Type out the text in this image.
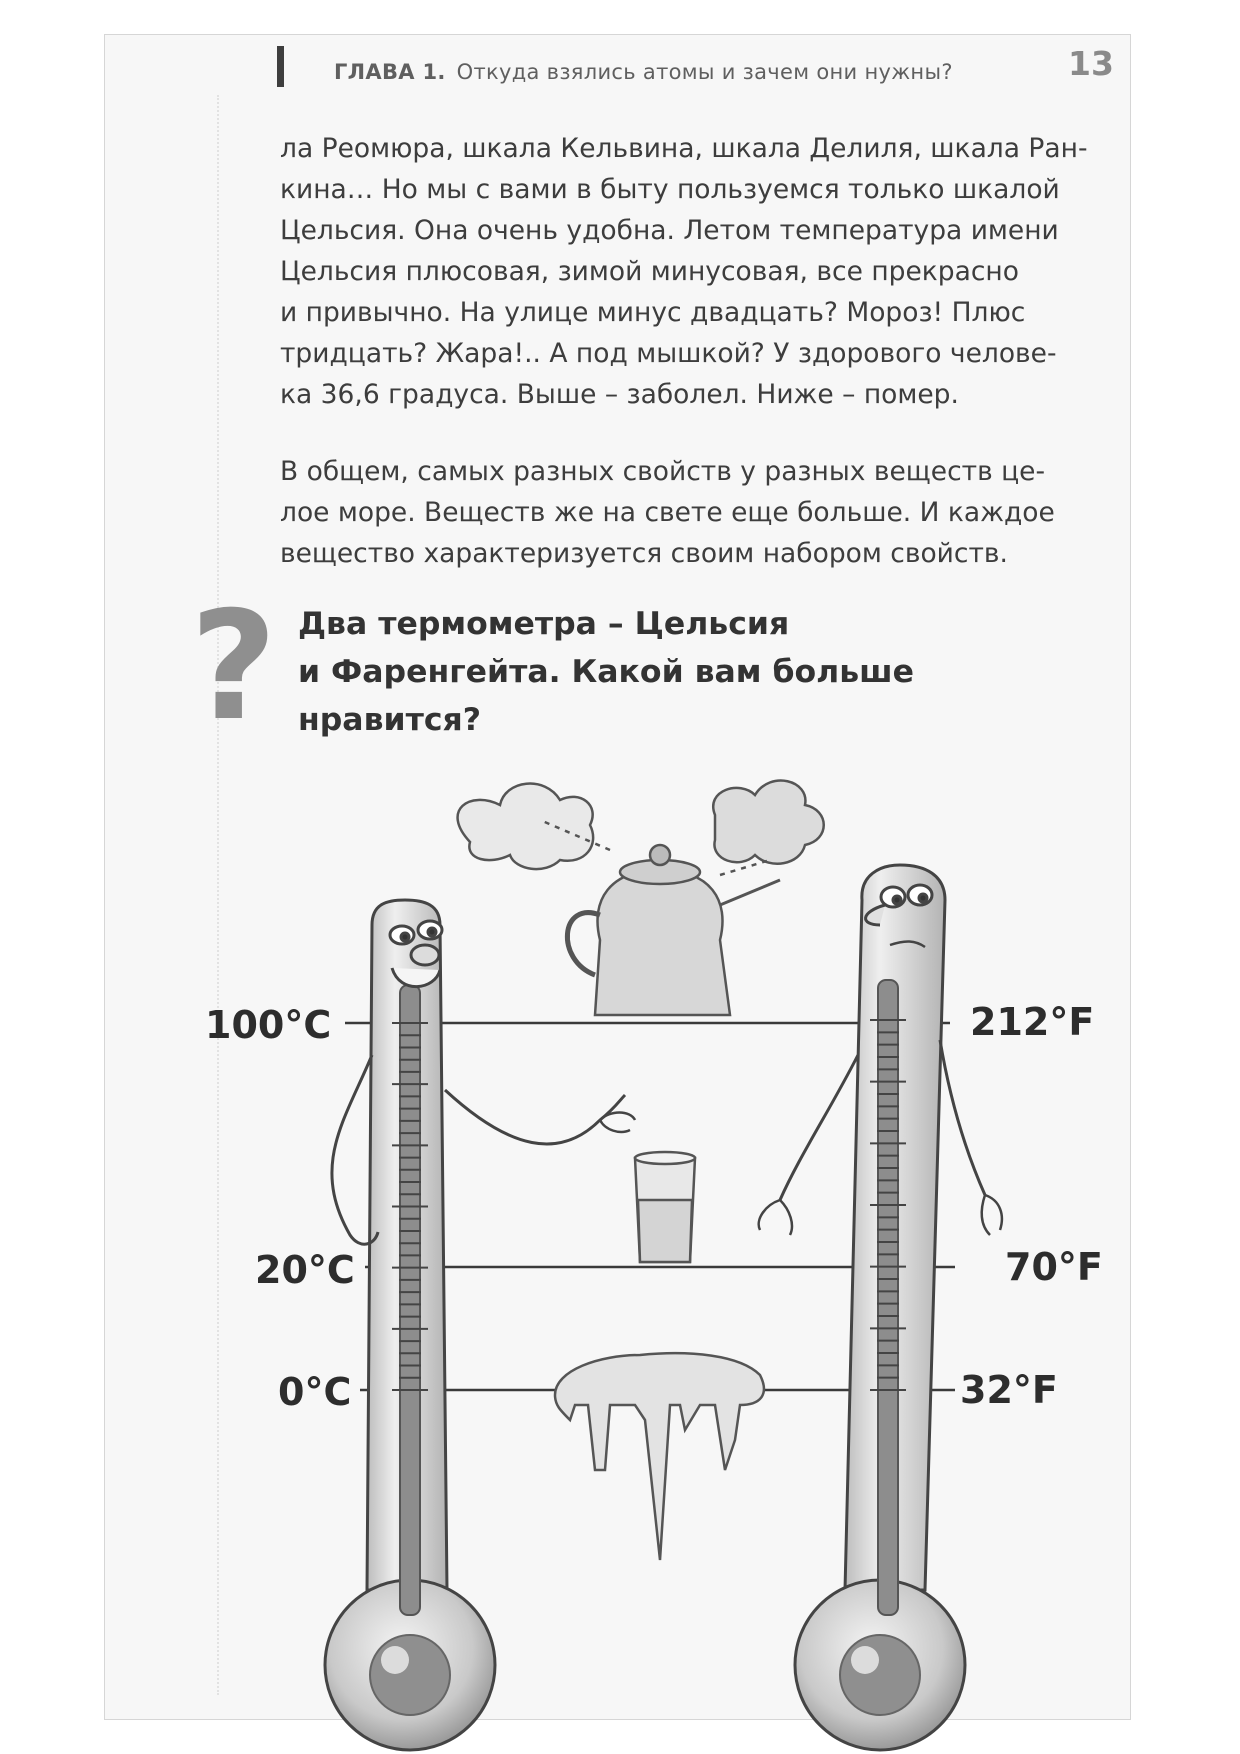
ГЛАВА 1. Откуда взялись атомы и зачем они нужны?	13
ла Реомюра, шкала Кельвина, шкала Делиля, шкала Ран-
кина… Но мы с вами в быту пользуемся только шкалой
Цельсия. Она очень удобна. Летом температура имени
Цельсия плюсовая, зимой минусовая, все прекрасно
и привычно. На улице минус двадцать? Мороз! Плюс
тридцать? Жара!.. А под мышкой? У здорового челове-
ка 36,6 градуса. Выше – заболел. Ниже – помер.
В общем, самых разных свойств у разных веществ це-
лое море. Веществ же на свете еще больше. И каждое
вещество характеризуется своим набором свойств.
? Два термометра – Цельсия
и Фаренгейта. Какой вам больше
нравится?
100°C
20°C
0°C
212°F
70°F
32°F
